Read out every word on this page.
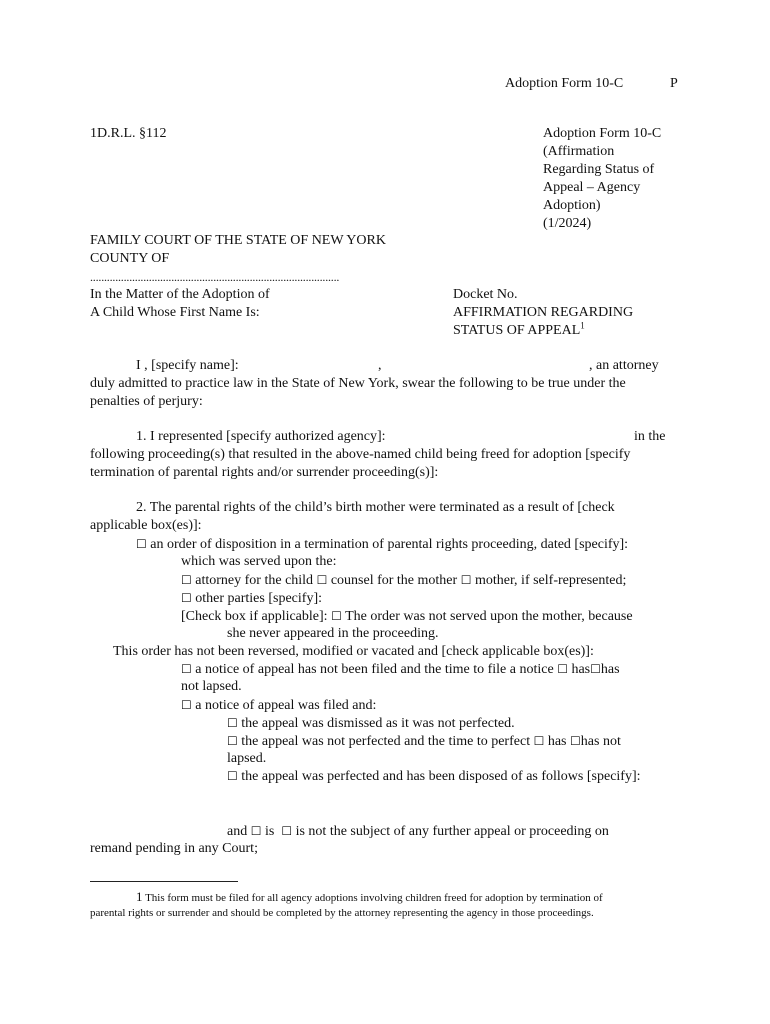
Adoption Form 10-C	P
1D.R.L. §112	Adoption Form 10-C
(Affirmation
Regarding Status of
Appeal – Agency
Adoption)
(1/2024)
FAMILY COURT OF THE STATE OF NEW YORK
COUNTY OF
.........................................................................................
In the Matter of the Adoption of
A Child Whose First Name Is:
Docket No.
AFFIRMATION REGARDING
STATUS OF APPEAL$^1$
I , [specify name]:	,	, an attorney
duly admitted to practice law in the State of New York, swear the following to be true under the
penalties of perjury:
1. I represented [specify authorized agency]:	in the
following proceeding(s) that resulted in the above-named child being freed for adoption [specify
termination of parental rights and/or surrender proceeding(s)]:
2. The parental rights of the child’s birth mother were terminated as a result of [check
applicable box(es)]:
☐ an order of disposition in a termination of parental rights proceeding, dated [specify]:
which was served upon the:
☐ attorney for the child ☐ counsel for the mother ☐ mother, if self-represented;
☐ other parties [specify]:
[Check box if applicable]: ☐ The order was not served upon the mother, because
she never appeared in the proceeding.
This order has not been reversed, modified or vacated and [check applicable box(es)]:
☐ a notice of appeal has not been filed and the time to file a notice ☐ has☐has
not lapsed.
☐ a notice of appeal was filed and:
☐ the appeal was dismissed as it was not perfected.
☐ the appeal was not perfected and the time to perfect ☐ has ☐has not
lapsed.
☐ the appeal was perfected and has been disposed of as follows [specify]:
and ☐ is ☐ is not the subject of any further appeal or proceeding on
remand pending in any Court;
1 This form must be filed for all agency adoptions involving children freed for adoption by termination of
parental rights or surrender and should be completed by the attorney representing the agency in those proceedings.
